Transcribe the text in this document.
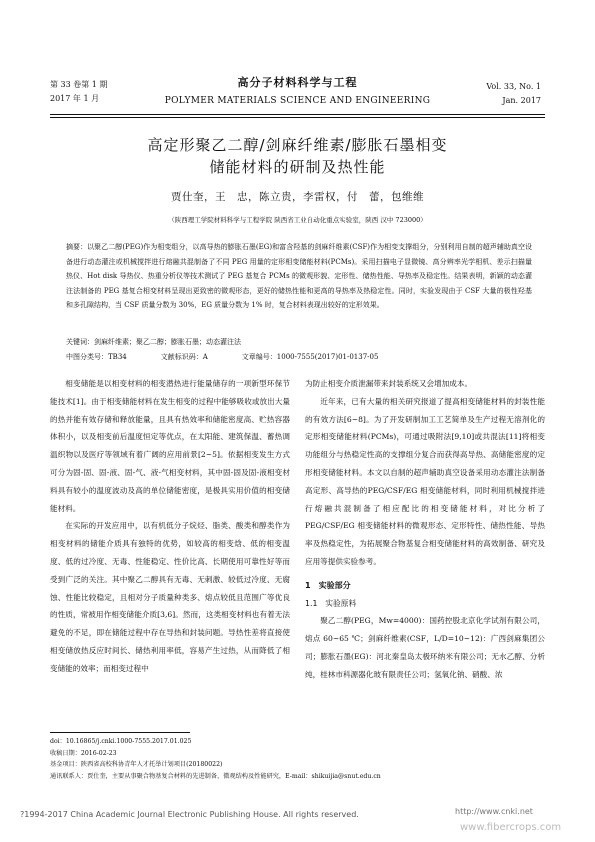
第 33 卷第 1 期
2017 年 1 月
高分子材料科学与工程
POLYMER MATERIALS SCIENCE AND ENGINEERING
Vol. 33, No. 1
Jan. 2017
高定形聚乙二醇/剑麻纤维素/膨胀石墨相变
储能材料的研制及热性能
贾仕奎，王　忠，陈立贵，李雷权，付　蕾，包维维
（陕西理工学院材料科学与工程学院 陕西省工业自动化重点实验室，陕西 汉中 723000）
摘要：以聚乙二醇(PEG)作为相变组分，以高导热的膨胀石墨(EG)和富含羟基的剑麻纤维素(CSF)作为相变支撑组分，分别利用自制的超声辅助真空设备进行动态灌注或机械搅拌进行熔融共混制备了不同 PEG 用量的定形相变储能材料(PCMs)。采用扫描电子显微镜、高分辨率光学相机、差示扫描量热仪、Hot disk 导热仪、热重分析仪等技术测试了 PEG 基复合 PCMs 的微观形貌、定形性、储热性能、导热率及稳定性。结果表明，新颖的动态灌注法制备的 PEG 基复合相变材料呈现出更致密的微观形态，更好的储热性能和更高的导热率及热稳定性。同时，实验发现由于 CSF 大量的极性羟基和多孔隙结构，当 CSF 质量分数为 30%，EG 质量分数为 1% 时，复合材料表现出较好的定形效果。
关键词：剑麻纤维素；聚乙二醇；膨胀石墨；动态灌注法
中图分类号：TB34	文献标识码：A	文章编号：1000-7555(2017)01-0137-05

相变储能是以相变材料的相变潜热进行能量储存的一项新型环保节能技术[1]。由于相变储能材料在发生相变的过程中能够吸收或放出大量的热并能有效存储和释放能量，且具有热效率和储能密度高、贮热容器体积小，以及相变前后温度恒定等优点，在太阳能、建筑保温、蓄热调温织物以及医疗等领域有着广阔的应用前景[2~5]。依据相变发生方式可分为固-固、固-液、固-气、液-气相变材料，其中固-固及固-液相变材料具有较小的温度波动及高的单位储能密度，是极具实用价值的相变储能材料。

在实际的开发应用中，以有机低分子烷烃、脂类、酸类和醇类作为相变材料的储能介质具有独特的优势，如较高的相变焓、低的相变温度、低的过冷度、无毒、性能稳定、性价比高、长期使用可靠性好等而受到广泛的关注。其中聚乙二醇具有无毒、无刺激、较低过冷度、无腐蚀、性能比较稳定，且相对分子质量种类多、熔点较低且范围广等优良的性质，常被用作相变储能介质[3,6]。然而，这类相变材料也有着无法避免的不足，即在储能过程中存在导热和封装问题。导热性差将直接使相变储放热反应时间长、储热利用率低，容易产生过热，从而降低了相变储能的效率；而相变过程中

为防止相变介质泄漏带来封装系统又会增加成本。

近年来，已有大量的相关研究报道了提高相变储能材料的封装性能的有效方法[6~8]。为了开发研制加工工艺简单及生产过程无溶剂化的定形相变储能材料(PCMs)，可通过吸附法[9,10]或共混法[11]将相变功能组分与热稳定性高的支撑组分复合而获得高导热、高储能密度的定形相变储能材料。本文以自制的超声辅助真空设备采用动态灌注法制备高定形、高导热的PEG/CSF/EG 相变储能材料，同时利用机械搅拌进行熔融共混制备了相应配比的相变储能材料，对比分析了 PEG/CSF/EG 相变储能材料的微观形态、定形特性、储热性能、导热率及热稳定性，为拓展聚合物基复合相变储能材料的高效制备、研究及应用等提供实验参考。

1　实验部分
1.1　实验原料

聚乙二醇(PEG，Mw=4000)：国药控股北京化学试剂有限公司，熔点 60~65 ℃；剑麻纤维素(CSF，L/D=10~12)：广西剑麻集团公司；膨胀石墨(EG)：河北秦皇岛太极环纳米有限公司；无水乙醇、分析纯，桂林市科源器化玻有限责任公司；氢氧化钠、硝酸、浓

doi：10.16865/j.cnki.1000-7555.2017.01.025
收稿日期：2016-02-23
基金项目：陕西省高校科协青年人才托举计划项目(20180022)
通讯联系人：贾仕奎，主要从事聚合物基复合材料的先进制备、微观结构及性能研究，E-mail：shikuijia@snut.edu.cn
?1994-2017 China Academic Journal Electronic Publishing House. All rights reserved.	http://www.cnki.net
www.fibercrops.com
